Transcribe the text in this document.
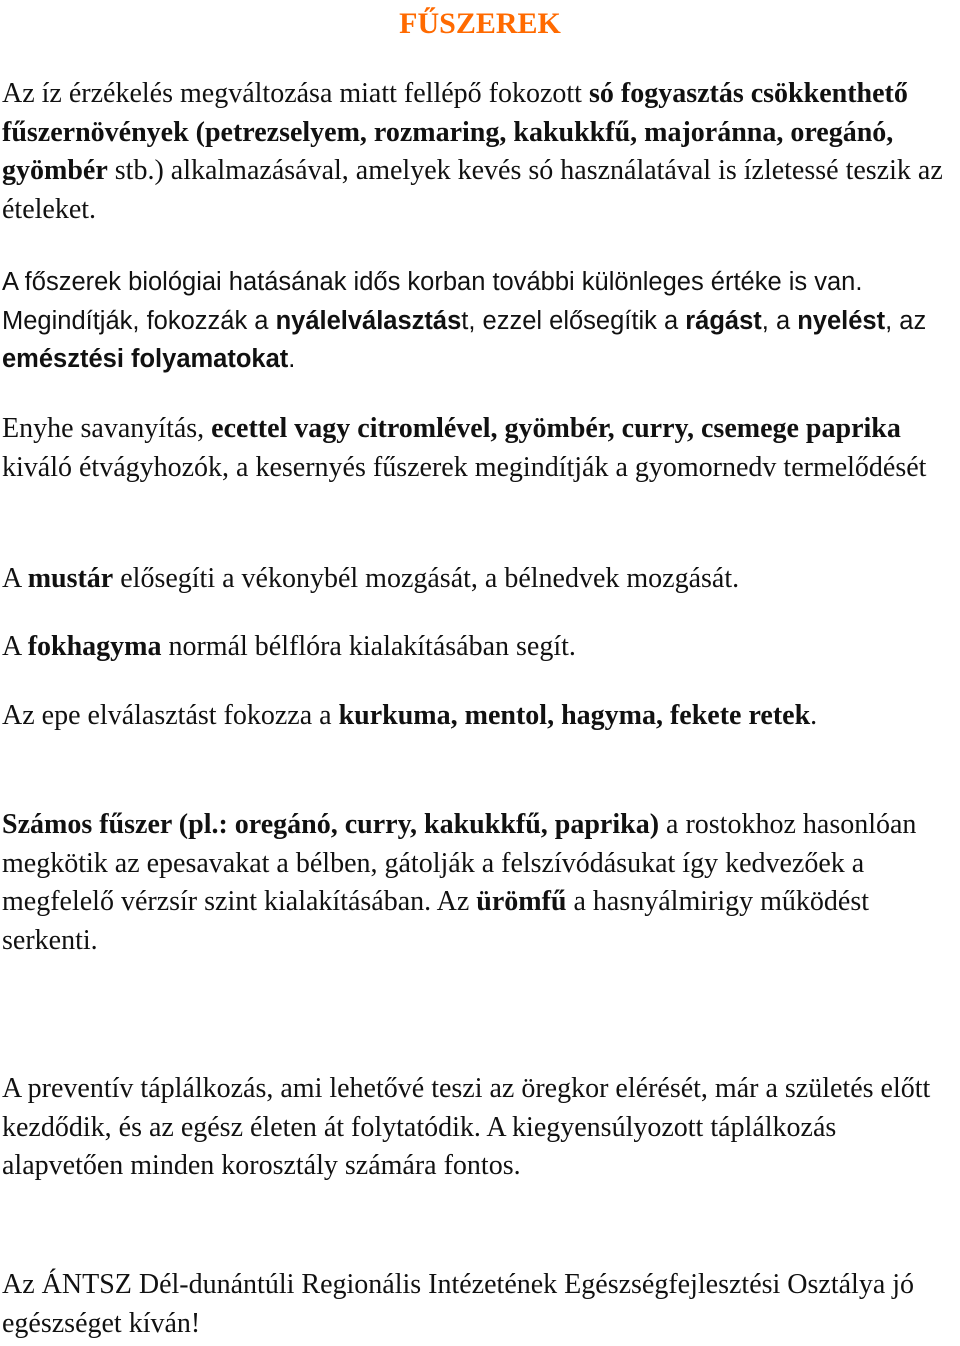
FŰSZEREK

Az íz érzékelés megváltozása miatt fellépő fokozott só fogyasztás csökkenthető fűszernövények (petrezselyem, rozmaring, kakukkfű, majoránna, oregánó, gyömbér stb.) alkalmazásával, amelyek kevés só használatával is ízletessé teszik az ételeket.

A főszerek biológiai hatásának idős korban további különleges értéke is van. Megindítják, fokozzák a nyálelválasztást, ezzel elősegítik a rágást, a nyelést, az emésztési folyamatokat.

Enyhe savanyítás, ecettel vagy citromlével, gyömbér, curry, csemege paprika kiváló étvágyhozók, a kesernyés fűszerek megindítják a gyomornedv termelődését

A mustár elősegíti a vékonybél mozgását, a bélnedvek mozgását.

A fokhagyma normál bélflóra kialakításában segít.

Az epe elválasztást fokozza a kurkuma, mentol, hagyma, fekete retek.

Számos fűszer (pl.: oregánó, curry, kakukkfű, paprika) a rostokhoz hasonlóan megkötik az epesavakat a bélben, gátolják a felszívódásukat így kedvezőek a megfelelő vérzsír szint kialakításában. Az ürömfű a hasnyálmirigy működést serkenti.

A preventív táplálkozás, ami lehetővé teszi az öregkor elérését, már a születés előtt kezdődik, és az egész életen át folytatódik. A kiegyensúlyozott táplálkozás alapvetően minden korosztály számára fontos.

Az ÁNTSZ Dél-dunántúli Regionális Intézetének Egészségfejlesztési Osztálya jó egészséget kíván!
